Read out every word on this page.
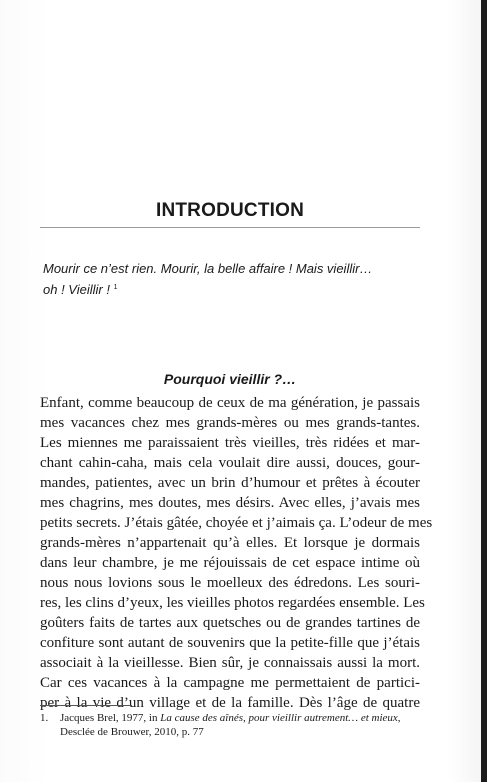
INTRODUCTION
Mourir ce n’est rien. Mourir, la belle affaire ! Mais vieillir…
oh ! Vieillir ! $^1$
Pourquoi vieillir ?…
Enfant, comme beaucoup de ceux de ma génération, je passais
mes vacances chez mes grands-mères ou mes grands-tantes.
Les miennes me paraissaient très vieilles, très ridées et mar-
chant cahin-caha, mais cela voulait dire aussi, douces, gour-
mandes, patientes, avec un brin d’humour et prêtes à écouter
mes chagrins, mes doutes, mes désirs. Avec elles, j’avais mes
petits secrets. J’étais gâtée, choyée et j’aimais ça. L’odeur de mes
grands-mères n’appartenait qu’à elles. Et lorsque je dormais
dans leur chambre, je me réjouissais de cet espace intime où
nous nous lovions sous le moelleux des édredons. Les souri-
res, les clins d’yeux, les vieilles photos regardées ensemble. Les
goûters faits de tartes aux quetsches ou de grandes tartines de
confiture sont autant de souvenirs que la petite-fille que j’étais
associait à la vieillesse. Bien sûr, je connaissais aussi la mort.
Car ces vacances à la campagne me permettaient de partici-
per à la vie d’un village et de la famille. Dès l’âge de quatre
1. Jacques Brel, 1977, in La cause des aînés, pour vieillir autrement… et mieux,
Desclée de Brouwer, 2010, p. 77
